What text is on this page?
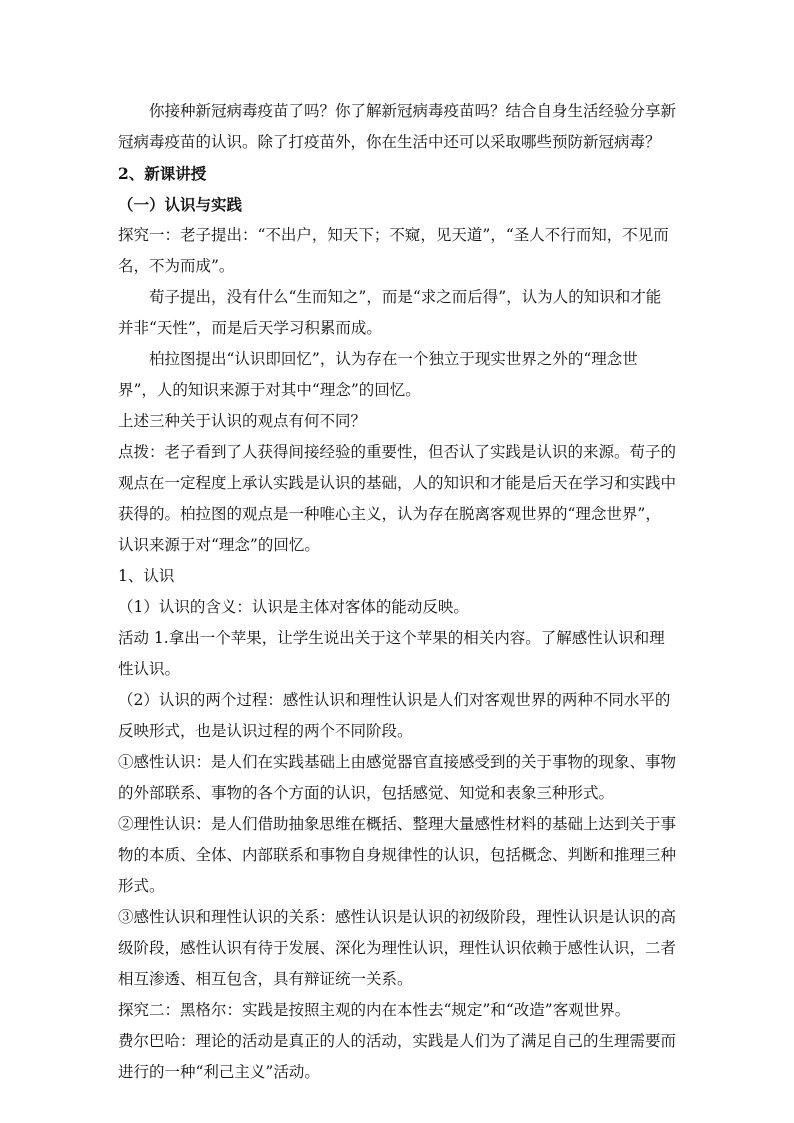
你接种新冠病毒疫苗了吗？你了解新冠病毒疫苗吗？结合自身生活经验分享新冠病毒疫苗的认识。除了打疫苗外，你在生活中还可以采取哪些预防新冠病毒？

2、新课讲授

（一）认识与实践

探究一：老子提出：“不出户，知天下；不窥，见天道”，“圣人不行而知，不见而名，不为而成”。

荀子提出，没有什么“生而知之”，而是“求之而后得”，认为人的知识和才能并非“天性”，而是后天学习积累而成。

柏拉图提出“认识即回忆”，认为存在一个独立于现实世界之外的“理念世界”，人的知识来源于对其中“理念”的回忆。

上述三种关于认识的观点有何不同？

点拨：老子看到了人获得间接经验的重要性，但否认了实践是认识的来源。荀子的观点在一定程度上承认实践是认识的基础，人的知识和才能是后天在学习和实践中获得的。柏拉图的观点是一种唯心主义，认为存在脱离客观世界的“理念世界”，认识来源于对“理念”的回忆。

1、认识

（1）认识的含义：认识是主体对客体的能动反映。

活动 1.拿出一个苹果，让学生说出关于这个苹果的相关内容。了解感性认识和理性认识。

（2）认识的两个过程：感性认识和理性认识是人们对客观世界的两种不同水平的反映形式，也是认识过程的两个不同阶段。

①感性认识：是人们在实践基础上由感觉器官直接感受到的关于事物的现象、事物的外部联系、事物的各个方面的认识，包括感觉、知觉和表象三种形式。

②理性认识：是人们借助抽象思维在概括、整理大量感性材料的基础上达到关于事物的本质、全体、内部联系和事物自身规律性的认识，包括概念、判断和推理三种形式。

③感性认识和理性认识的关系：感性认识是认识的初级阶段，理性认识是认识的高级阶段，感性认识有待于发展、深化为理性认识，理性认识依赖于感性认识，二者相互渗透、相互包含，具有辩证统一关系。

探究二：黑格尔：实践是按照主观的内在本性去“规定”和“改造”客观世界。

费尔巴哈：理论的活动是真正的人的活动，实践是人们为了满足自己的生理需要而进行的一种“利己主义”活动。
